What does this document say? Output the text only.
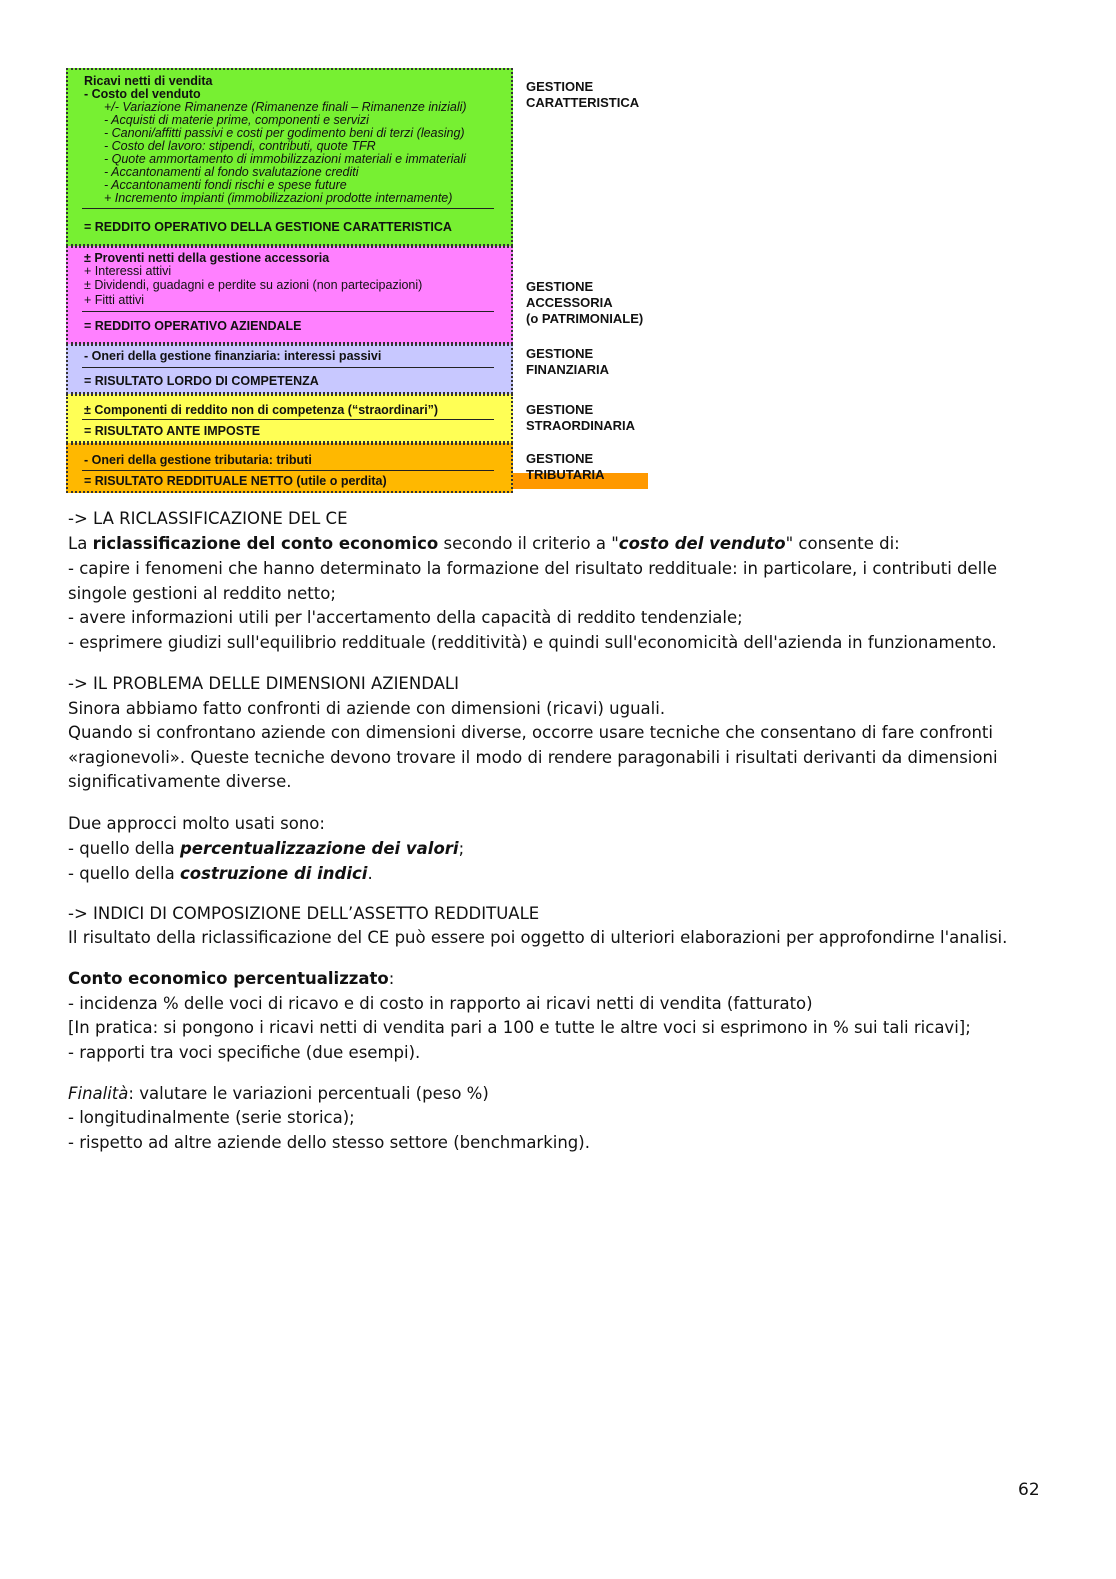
Ricavi netti di vendita

- Costo del venduto

+/- Variazione Rimanenze (Rimanenze finali – Rimanenze iniziali)

- Acquisti di materie prime, componenti e servizi

- Canoni/affitti passivi e costi per godimento beni di terzi (leasing)

- Costo del lavoro: stipendi, contributi, quote TFR

- Quote ammortamento di immobilizzazioni materiali e immateriali

- Accantonamenti al fondo svalutazione crediti

- Accantonamenti fondi rischi e spese future

+ Incremento impianti (immobilizzazioni prodotte internamente)

= REDDITO OPERATIVO DELLA GESTIONE CARATTERISTICA

± Proventi netti della gestione accessoria

+ Interessi attivi

± Dividendi, guadagni e perdite su azioni (non partecipazioni)

+ Fitti attivi

= REDDITO OPERATIVO AZIENDALE

- Oneri della gestione finanziaria: interessi passivi

= RISULTATO LORDO DI COMPETENZA

± Componenti di reddito non di competenza (“straordinari”)

= RISULTATO ANTE IMPOSTE

- Oneri della gestione tributaria: tributi

= RISULTATO REDDITUALE NETTO (utile o perdita)

GESTIONE
CARATTERISTICA
GESTIONE
ACCESSORIA
(o PATRIMONIALE)
GESTIONE
FINANZIARIA
GESTIONE
STRAORDINARIA
GESTIONE
TRIBUTARIA

-> LA RICLASSIFICAZIONE DEL CE

La riclassificazione del conto economico secondo il criterio a "costo del venduto" consente di:

- capire i fenomeni che hanno determinato la formazione del risultato reddituale: in particolare, i contributi delle singole gestioni al reddito netto;

- avere informazioni utili per l'accertamento della capacità di reddito tendenziale;

- esprimere giudizi sull'equilibrio reddituale (redditività) e quindi sull'economicità dell'azienda in funzionamento.

-> IL PROBLEMA DELLE DIMENSIONI AZIENDALI

Sinora abbiamo fatto confronti di aziende con dimensioni (ricavi) uguali.

Quando si confrontano aziende con dimensioni diverse, occorre usare tecniche che consentano di fare confronti «ragionevoli». Queste tecniche devono trovare il modo di rendere paragonabili i risultati derivanti da dimensioni significativamente diverse.

Due approcci molto usati sono:

- quello della percentualizzazione dei valori;

- quello della costruzione di indici.

-> INDICI DI COMPOSIZIONE DELL’ASSETTO REDDITUALE

Il risultato della riclassificazione del CE può essere poi oggetto di ulteriori elaborazioni per approfondirne l'analisi.

Conto economico percentualizzato:

- incidenza % delle voci di ricavo e di costo in rapporto ai ricavi netti di vendita (fatturato)

[In pratica: si pongono i ricavi netti di vendita pari a 100 e tutte le altre voci si esprimono in % sui tali ricavi];

- rapporti tra voci specifiche (due esempi).

Finalità: valutare le variazioni percentuali (peso %)

- longitudinalmente (serie storica);

- rispetto ad altre aziende dello stesso settore (benchmarking).

62
